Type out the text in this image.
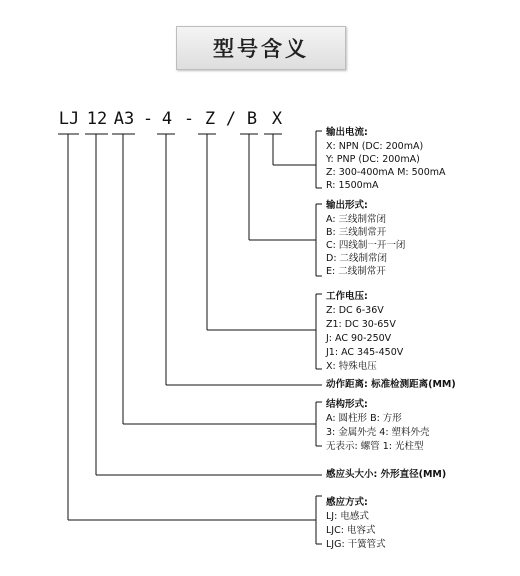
型号含义
LJ 12 A3 - 4 - Z / B X
输出电流:
X: NPN (DC: 200mA)
Y: PNP (DC: 200mA)
Z: 300-400mA M: 500mA
R: 1500mA
输出形式:
A: 三线制常闭
B: 三线制常开
C: 四线制一开一闭
D: 二线制常闭
E: 二线制常开
工作电压:
Z: DC 6-36V
Z1: DC 30-65V
J: AC 90-250V
J1: AC 345-450V
X: 特殊电压
动作距离: 标准检测距离(MM)
结构形式:
A: 圆柱形 B: 方形
3: 金属外壳 4: 塑料外壳
无表示: 螺管 1: 光柱型
感应头大小: 外形直径(MM)
感应方式:
LJ: 电感式
LJC: 电容式
LJG: 干簧管式
